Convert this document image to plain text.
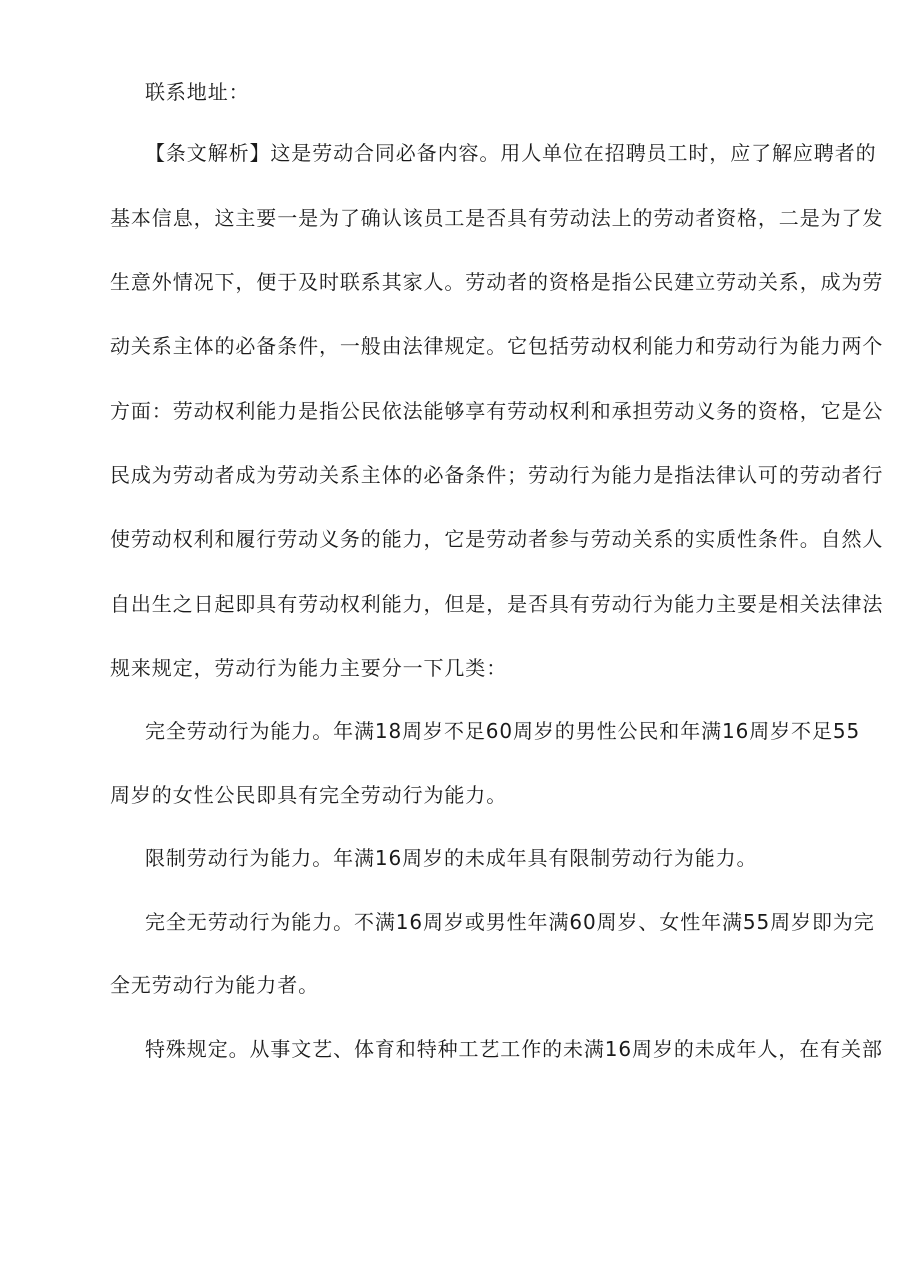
联系地址：
【条文解析】这是劳动合同必备内容。用人单位在招聘员工时，应了解应聘者的
基本信息，这主要一是为了确认该员工是否具有劳动法上的劳动者资格，二是为了发
生意外情况下，便于及时联系其家人。劳动者的资格是指公民建立劳动关系，成为劳
动关系主体的必备条件，一般由法律规定。它包括劳动权利能力和劳动行为能力两个
方面：劳动权利能力是指公民依法能够享有劳动权利和承担劳动义务的资格，它是公
民成为劳动者成为劳动关系主体的必备条件；劳动行为能力是指法律认可的劳动者行
使劳动权利和履行劳动义务的能力，它是劳动者参与劳动关系的实质性条件。自然人
自出生之日起即具有劳动权利能力，但是，是否具有劳动行为能力主要是相关法律法
规来规定，劳动行为能力主要分一下几类：
完全劳动行为能力。年满18周岁不足60周岁的男性公民和年满16周岁不足55
周岁的女性公民即具有完全劳动行为能力。
限制劳动行为能力。年满16周岁的未成年具有限制劳动行为能力。
完全无劳动行为能力。不满16周岁或男性年满60周岁、女性年满55周岁即为完
全无劳动行为能力者。
特殊规定。从事文艺、体育和特种工艺工作的未满16周岁的未成年人，在有关部
